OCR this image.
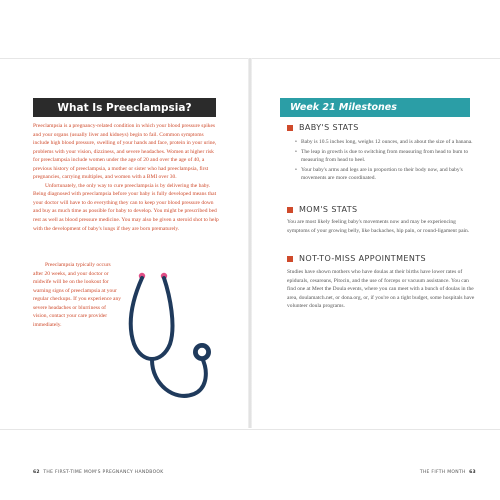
What Is Preeclampsia?

Preeclampsia is a pregnancy-related condition in which your blood pressure spikes and your organs (usually liver and kidneys) begin to fail. Common symptoms include high blood pressure, swelling of your hands and face, protein in your urine, problems with your vision, dizziness, and severe headaches. Women at higher risk for preeclampsia include women under the age of 20 and over the age of 40, a previous history of preeclampsia, a mother or sister who had preeclampsia, first pregnancies, carrying multiples, and women with a BMI over 30.

Unfortunately, the only way to cure preeclampsia is by delivering the baby. Being diagnosed with preeclampsia before your baby is fully developed means that your doctor will have to do everything they can to keep your blood pressure down and buy as much time as possible for baby to develop. You might be prescribed bed rest as well as blood pressure medicine. You may also be given a steroid shot to help with the development of baby's lungs if they are born prematurely.

Preeclampsia typically occurs after 20 weeks, and your doctor or midwife will be on the lookout for warning signs of preeclampsia at your regular checkups. If you experience any severe headaches or blurriness of vision, contact your care provider immediately.

62 THE FIRST-TIME MOM'S PREGNANCY HANDBOOK
Week 21 Milestones
BABY'S STATS
• Baby is 10.5 inches long, weighs 12 ounces, and is about the size of a banana.
• The leap in growth is due to switching from measuring from head to bum to measuring from head to heel.
• Your baby's arms and legs are in proportion to their body now, and baby's movements are more coordinated.
MOM'S STATS

You are most likely feeling baby's movements now and may be experiencing symptoms of your growing belly, like backaches, hip pain, or round-ligament pain.

NOT-TO-MISS APPOINTMENTS

Studies have shown mothers who have doulas at their births have lower rates of epidurals, cesareans, Pitocin, and the use of forceps or vacuum assistance. You can find one at Meet the Doula events, where you can meet with a bunch of doulas in the area, doulamatch.net, or dona.org, or, if you're on a tight budget, some hospitals have volunteer doula programs.

THE FIFTH MONTH 63
